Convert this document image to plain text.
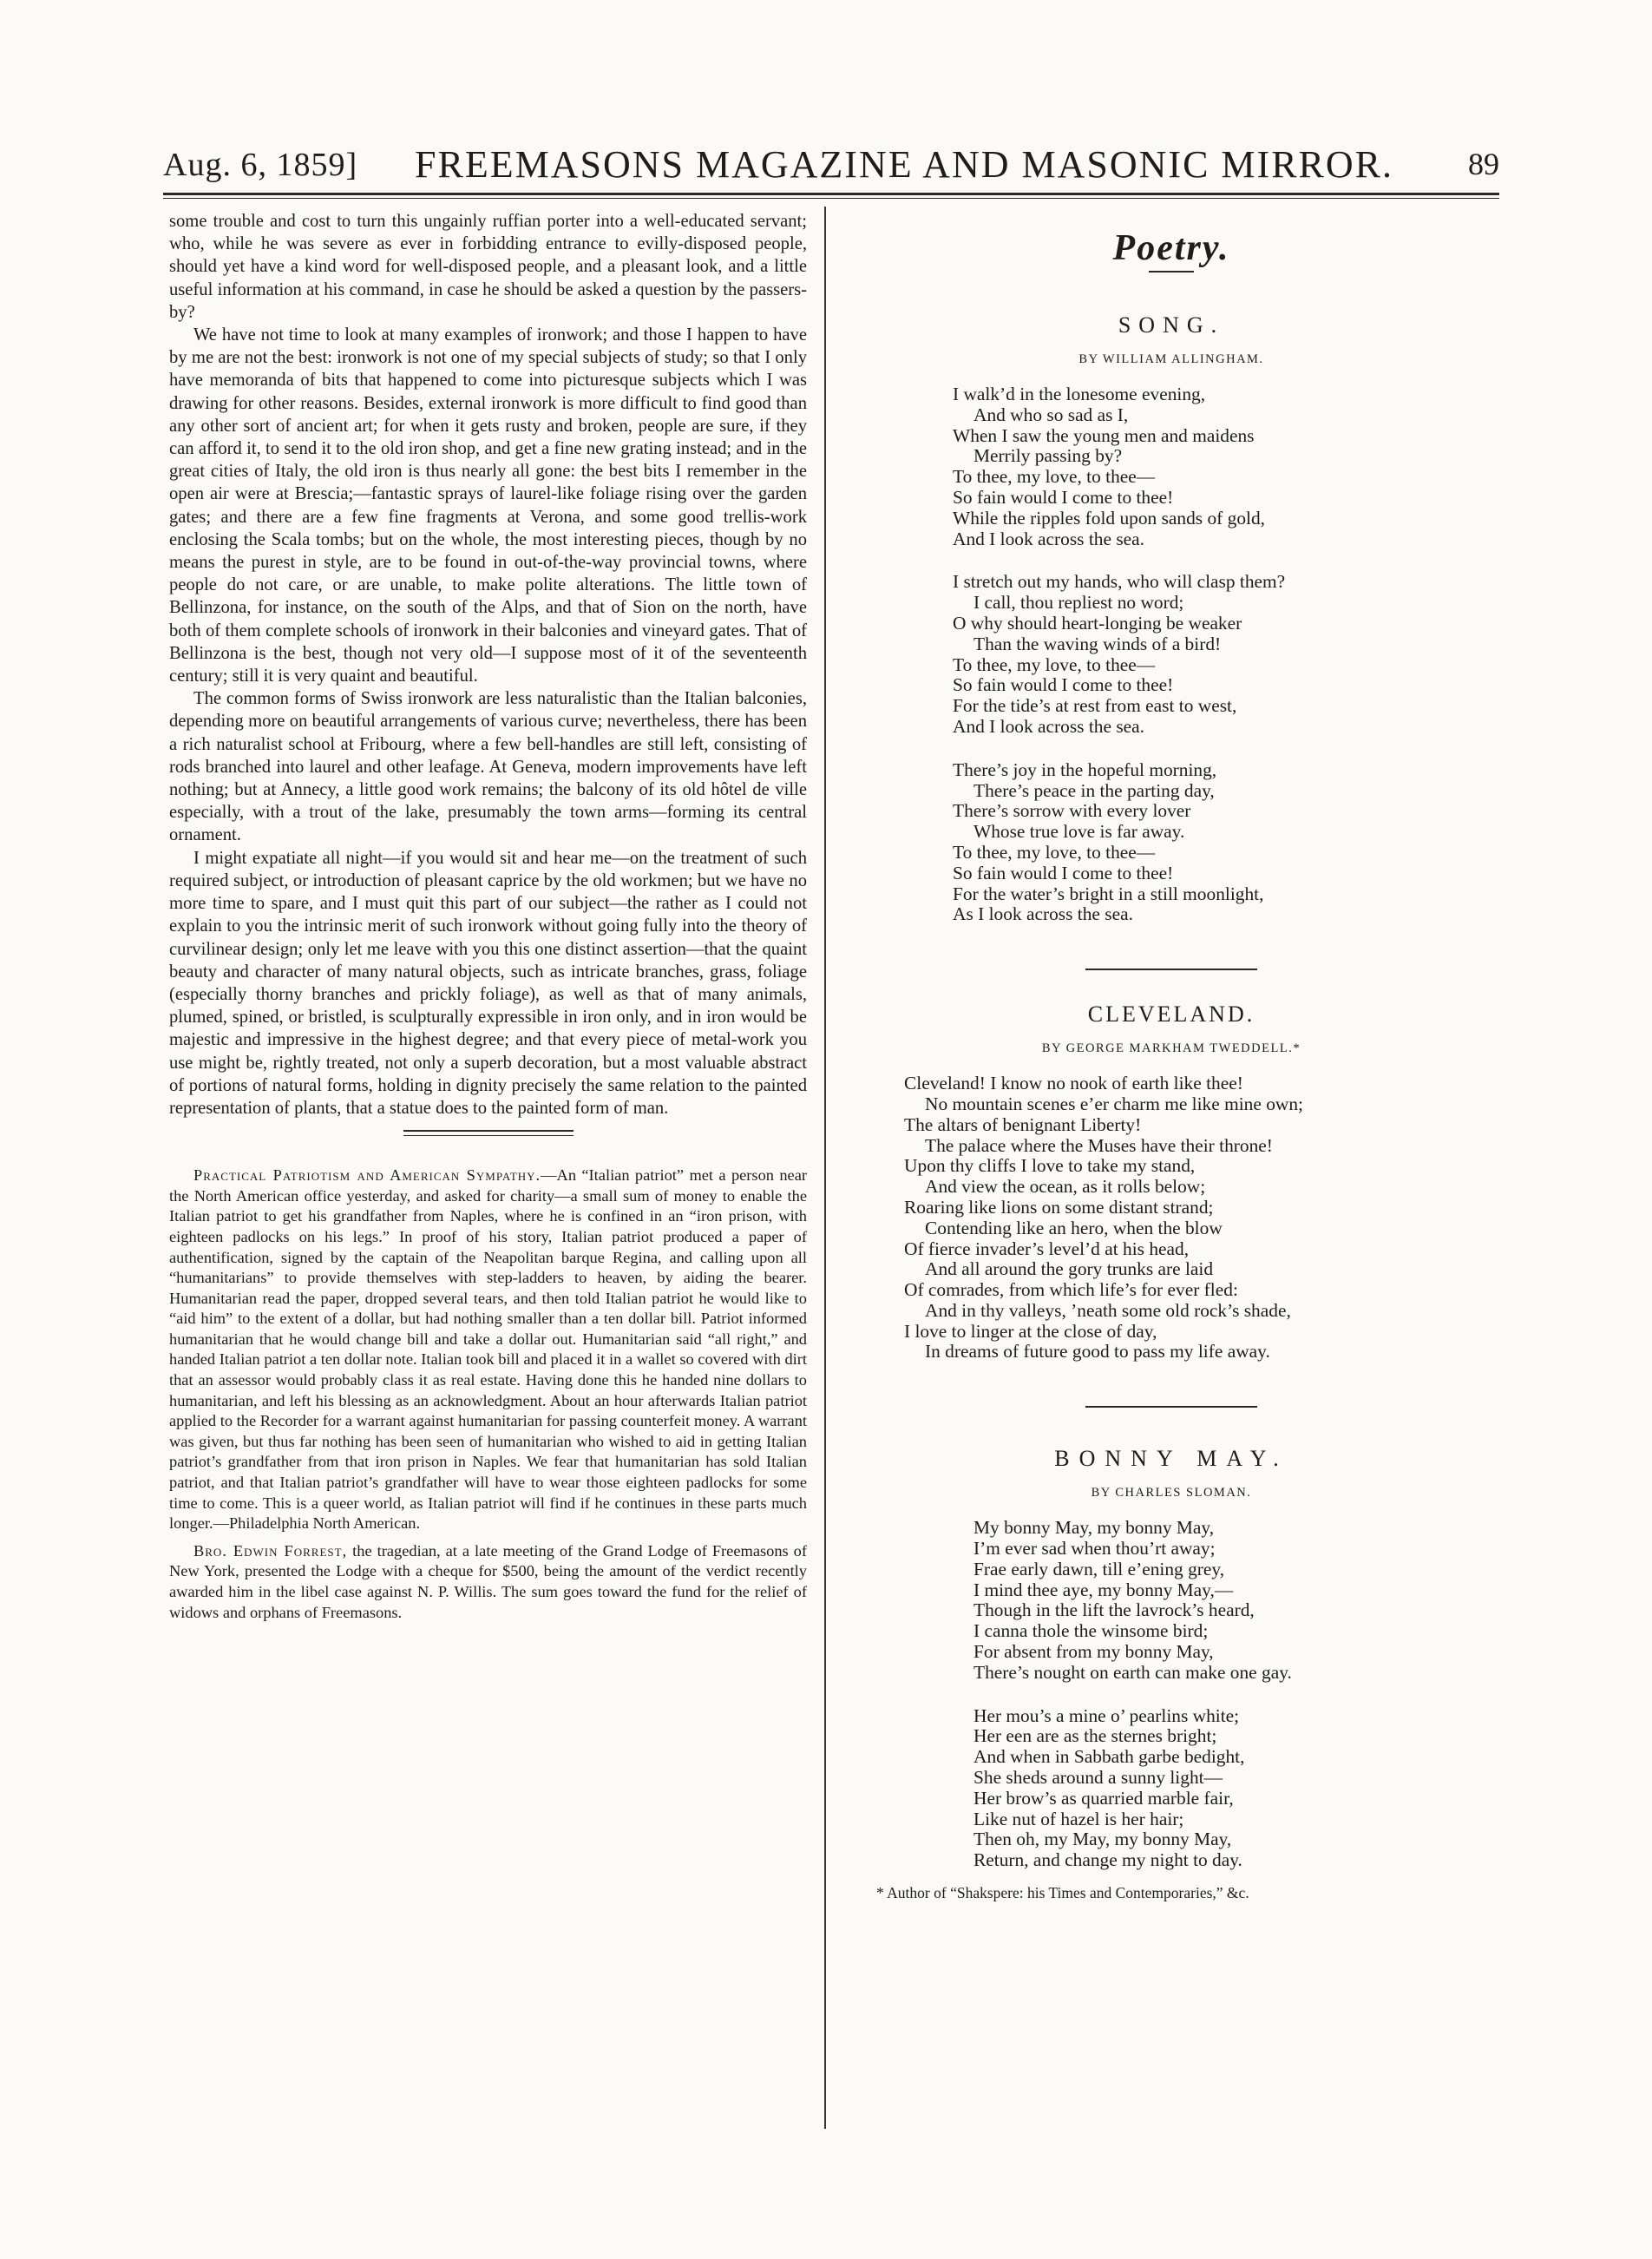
Aug. 6, 1859] FREEMASONS MAGAZINE AND MASONIC MIRROR. 89

some trouble and cost to turn this ungainly ruffian porter into a well-educated servant; who, while he was severe as ever in forbidding entrance to evilly-disposed people, should yet have a kind word for well-disposed people, and a pleasant look, and a little useful information at his command, in case he should be asked a question by the passers-by?

We have not time to look at many examples of ironwork; and those I happen to have by me are not the best: ironwork is not one of my special subjects of study; so that I only have memoranda of bits that happened to come into picturesque subjects which I was drawing for other reasons. Besides, external ironwork is more difficult to find good than any other sort of ancient art; for when it gets rusty and broken, people are sure, if they can afford it, to send it to the old iron shop, and get a fine new grating instead; and in the great cities of Italy, the old iron is thus nearly all gone: the best bits I remember in the open air were at Brescia;—fantastic sprays of laurel-like foliage rising over the garden gates; and there are a few fine fragments at Verona, and some good trellis-work enclosing the Scala tombs; but on the whole, the most interesting pieces, though by no means the purest in style, are to be found in out-of-the-way provincial towns, where people do not care, or are unable, to make polite alterations. The little town of Bellinzona, for instance, on the south of the Alps, and that of Sion on the north, have both of them complete schools of ironwork in their balconies and vineyard gates. That of Bellinzona is the best, though not very old—I suppose most of it of the seventeenth century; still it is very quaint and beautiful.

The common forms of Swiss ironwork are less naturalistic than the Italian balconies, depending more on beautiful arrangements of various curve; nevertheless, there has been a rich naturalist school at Fribourg, where a few bell-handles are still left, consisting of rods branched into laurel and other leafage. At Geneva, modern improvements have left nothing; but at Annecy, a little good work remains; the balcony of its old hôtel de ville especially, with a trout of the lake, presumably the town arms—forming its central ornament.

I might expatiate all night—if you would sit and hear me—on the treatment of such required subject, or introduction of pleasant caprice by the old workmen; but we have no more time to spare, and I must quit this part of our subject—the rather as I could not explain to you the intrinsic merit of such ironwork without going fully into the theory of curvilinear design; only let me leave with you this one distinct assertion—that the quaint beauty and character of many natural objects, such as intricate branches, grass, foliage (especially thorny branches and prickly foliage), as well as that of many animals, plumed, spined, or bristled, is sculpturally expressible in iron only, and in iron would be majestic and impressive in the highest degree; and that every piece of metal-work you use might be, rightly treated, not only a superb decoration, but a most valuable abstract of portions of natural forms, holding in dignity precisely the same relation to the painted representation of plants, that a statue does to the painted form of man.

Practical Patriotism and American Sympathy.—An “Italian patriot” met a person near the North American office yesterday, and asked for charity—a small sum of money to enable the Italian patriot to get his grandfather from Naples, where he is confined in an “iron prison, with eighteen padlocks on his legs.” In proof of his story, Italian patriot produced a paper of authentification, signed by the captain of the Neapolitan barque Regina, and calling upon all “humanitarians” to provide themselves with step-ladders to heaven, by aiding the bearer. Humanitarian read the paper, dropped several tears, and then told Italian patriot he would like to “aid him” to the extent of a dollar, but had nothing smaller than a ten dollar bill. Patriot informed humanitarian that he would change bill and take a dollar out. Humanitarian said “all right,” and handed Italian patriot a ten dollar note. Italian took bill and placed it in a wallet so covered with dirt that an assessor would probably class it as real estate. Having done this he handed nine dollars to humanitarian, and left his blessing as an acknowledgment. About an hour afterwards Italian patriot applied to the Recorder for a warrant against humanitarian for passing counterfeit money. A warrant was given, but thus far nothing has been seen of humanitarian who wished to aid in getting Italian patriot’s grandfather from that iron prison in Naples. We fear that humanitarian has sold Italian patriot, and that Italian patriot’s grandfather will have to wear those eighteen padlocks for some time to come. This is a queer world, as Italian patriot will find if he continues in these parts much longer.—Philadelphia North American.

Bro. Edwin Forrest, the tragedian, at a late meeting of the Grand Lodge of Freemasons of New York, presented the Lodge with a cheque for $500, being the amount of the verdict recently awarded him in the libel case against N. P. Willis. The sum goes toward the fund for the relief of widows and orphans of Freemasons.

Poetry.

SONG.

BY WILLIAM ALLINGHAM.

I walk’d in the lonesome evening,
And who so sad as I,
When I saw the young men and maidens
Merrily passing by?
To thee, my love, to thee—
So fain would I come to thee!
While the ripples fold upon sands of gold,
And I look across the sea.
I stretch out my hands, who will clasp them?
I call, thou repliest no word;
O why should heart-longing be weaker
Than the waving winds of a bird!
To thee, my love, to thee—
So fain would I come to thee!
For the tide’s at rest from east to west,
And I look across the sea.
There’s joy in the hopeful morning,
There’s peace in the parting day,
There’s sorrow with every lover
Whose true love is far away.
To thee, my love, to thee—
So fain would I come to thee!
For the water’s bright in a still moonlight,
As I look across the sea.

CLEVELAND.

BY GEORGE MARKHAM TWEDDELL.*

Cleveland! I know no nook of earth like thee!
No mountain scenes e’er charm me like mine own;
The altars of benignant Liberty!
The palace where the Muses have their throne!
Upon thy cliffs I love to take my stand,
And view the ocean, as it rolls below;
Roaring like lions on some distant strand;
Contending like an hero, when the blow
Of fierce invader’s level’d at his head,
And all around the gory trunks are laid
Of comrades, from which life’s for ever fled:
And in thy valleys, ’neath some old rock’s shade,
I love to linger at the close of day,
In dreams of future good to pass my life away.

BONNY MAY.

BY CHARLES SLOMAN.

My bonny May, my bonny May,
I’m ever sad when thou’rt away;
Frae early dawn, till e’ening grey,
I mind thee aye, my bonny May,—
Though in the lift the lavrock’s heard,
I canna thole the winsome bird;
For absent from my bonny May,
There’s nought on earth can make one gay.
Her mou’s a mine o’ pearlins white;
Her een are as the sternes bright;
And when in Sabbath garbe bedight,
She sheds around a sunny light—
Her brow’s as quarried marble fair,
Like nut of hazel is her hair;
Then oh, my May, my bonny May,
Return, and change my night to day.
* Author of “Shakspere: his Times and Contemporaries,” &c.
